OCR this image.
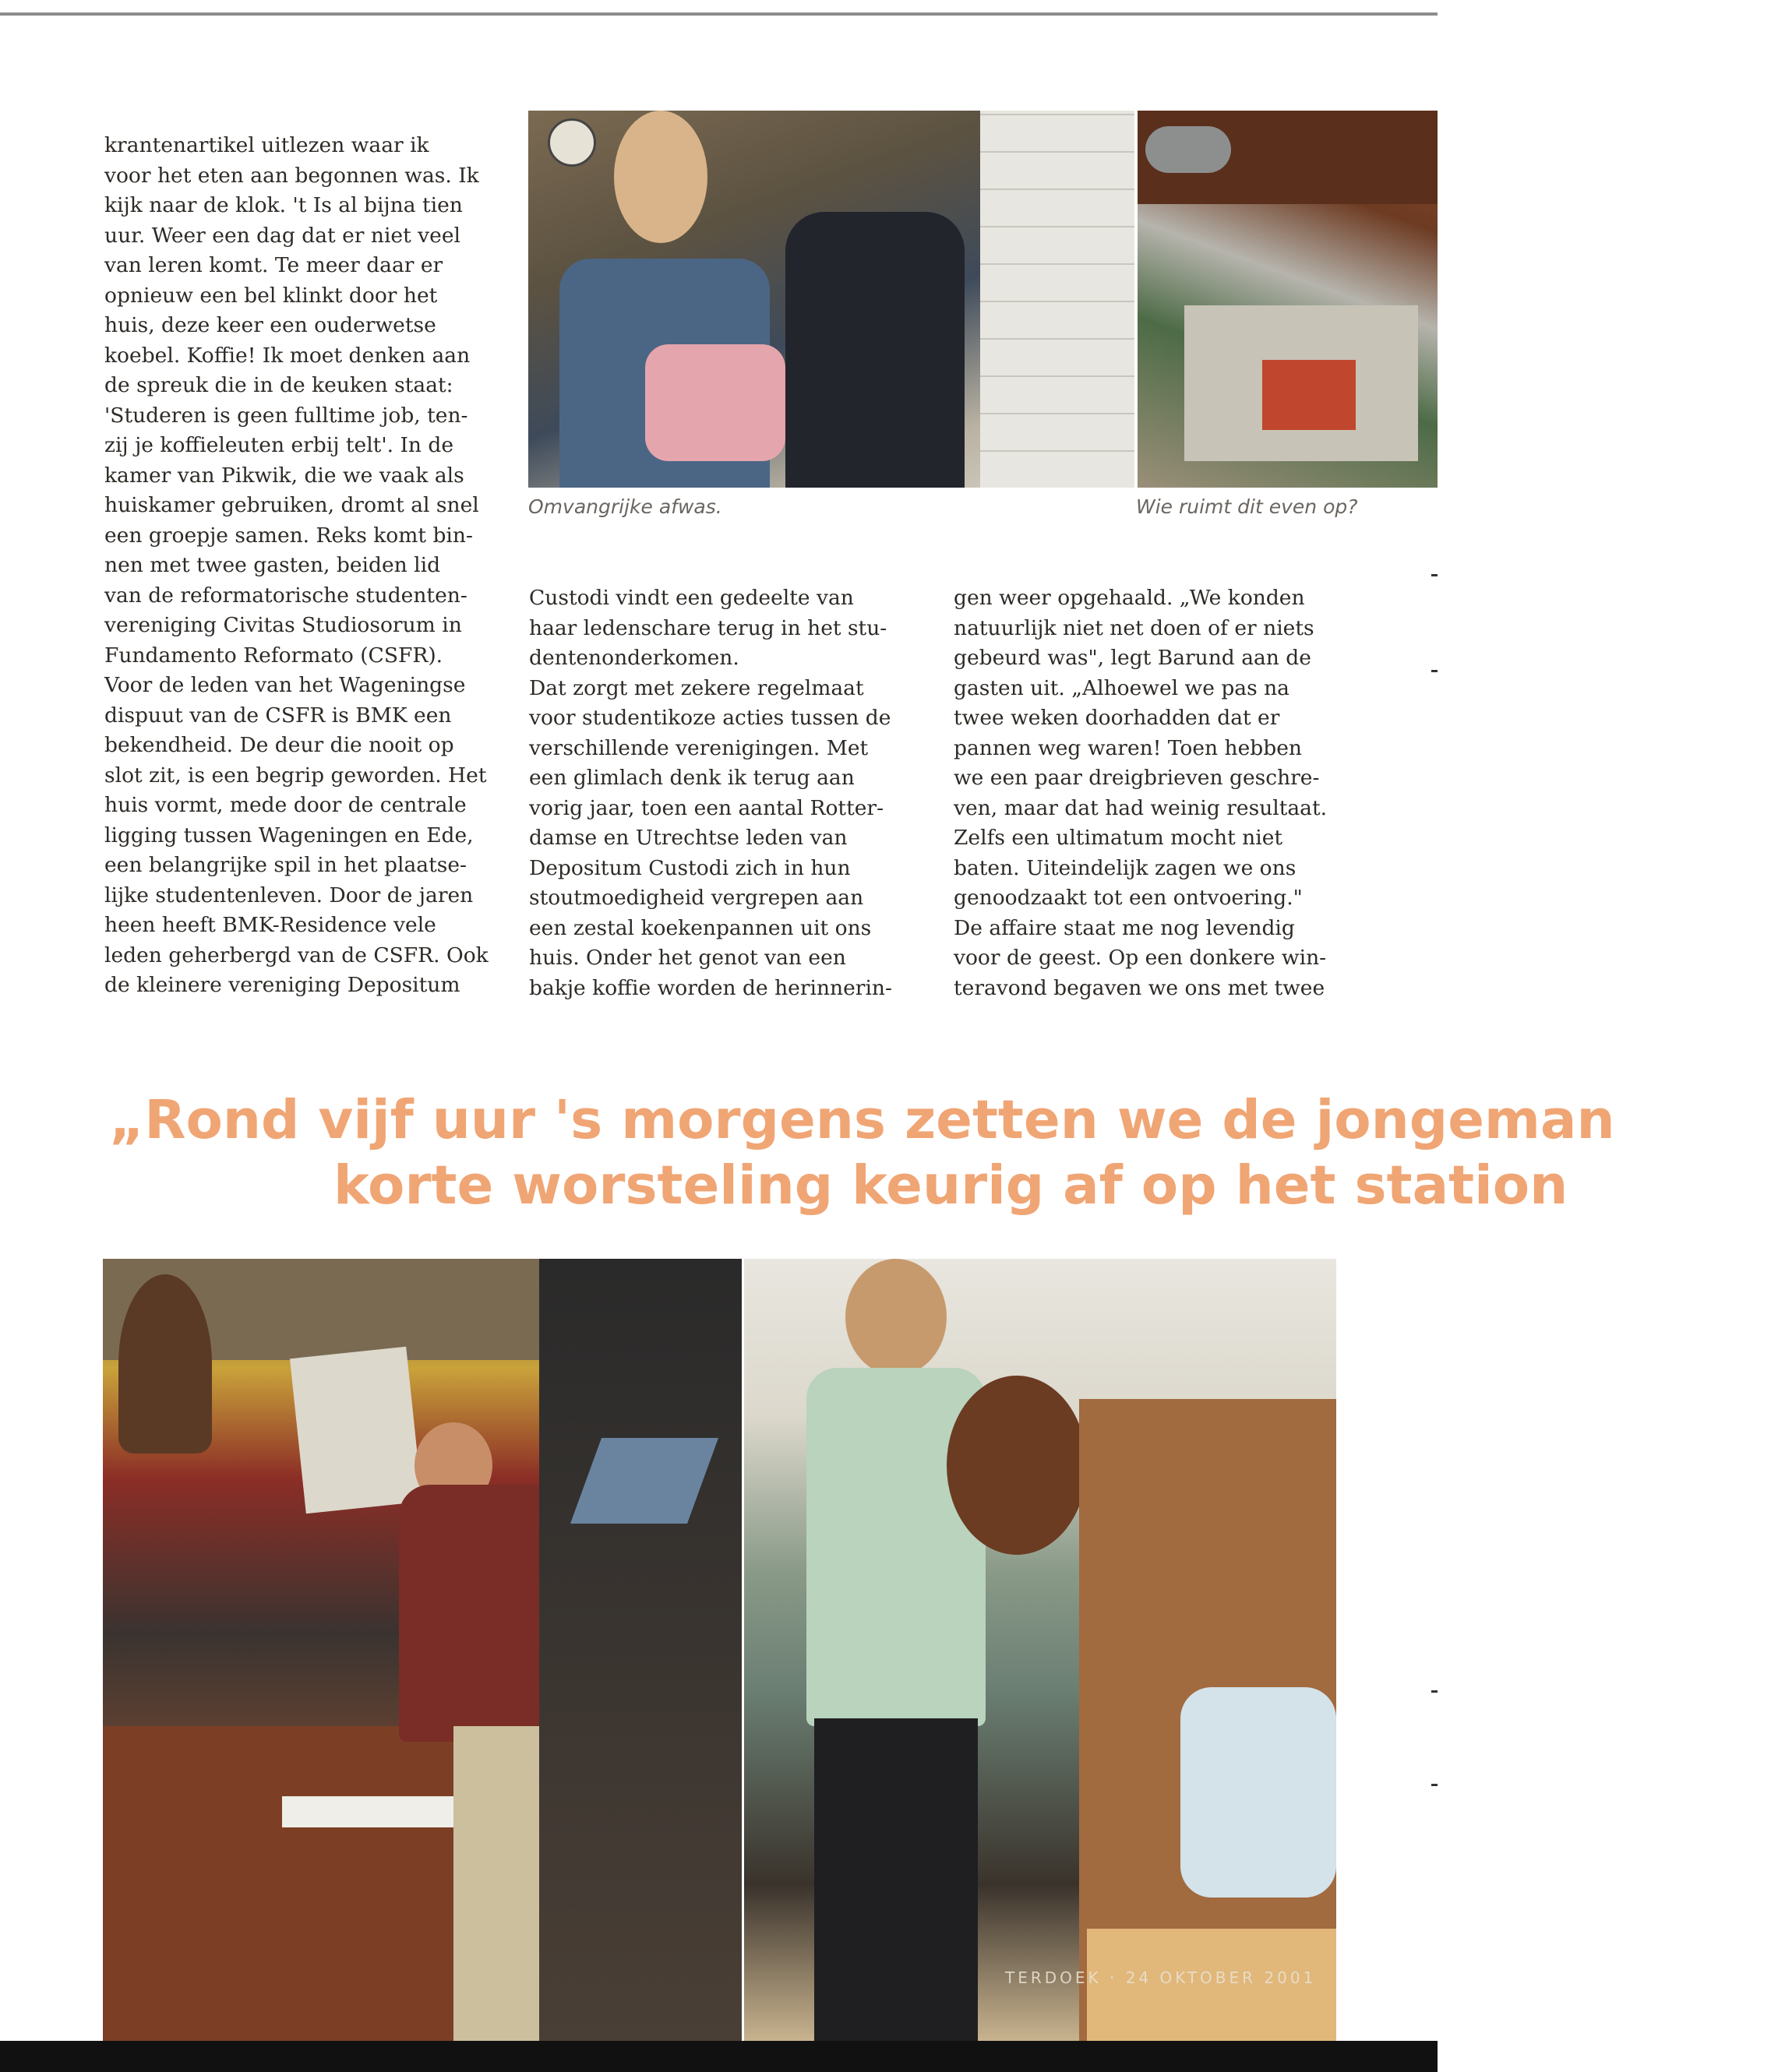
krantenartikel uitlezen waar ik
voor het eten aan begonnen was. Ik
kijk naar de klok. 't Is al bijna tien
uur. Weer een dag dat er niet veel
van leren komt. Te meer daar er
opnieuw een bel klinkt door het
huis, deze keer een ouderwetse
koebel. Koffie! Ik moet denken aan
de spreuk die in de keuken staat:
'Studeren is geen fulltime job, ten-
zij je koffieleuten erbij telt'. In de
kamer van Pikwik, die we vaak als
huiskamer gebruiken, dromt al snel
een groepje samen. Reks komt bin-
nen met twee gasten, beiden lid
van de reformatorische studenten-
vereniging Civitas Studiosorum in
Fundamento Reformato (CSFR).
Voor de leden van het Wageningse
dispuut van de CSFR is BMK een
bekendheid. De deur die nooit op
slot zit, is een begrip geworden. Het
huis vormt, mede door de centrale
ligging tussen Wageningen en Ede,
een belangrijke spil in het plaatse-
lijke studentenleven. Door de jaren
heen heeft BMK-Residence vele
leden geherbergd van de CSFR. Ook
de kleinere vereniging Depositum
Omvangrijke afwas.	Wie ruimt dit even op?
Custodi vindt een gedeelte van
haar ledenschare terug in het stu-
dentenonderkomen.
Dat zorgt met zekere regelmaat
voor studentikoze acties tussen de
verschillende verenigingen. Met
een glimlach denk ik terug aan
vorig jaar, toen een aantal Rotter-
damse en Utrechtse leden van
Depositum Custodi zich in hun
stoutmoedigheid vergrepen aan
een zestal koekenpannen uit ons
huis. Onder het genot van een
bakje koffie worden de herinnerin-
gen weer opgehaald. „We konden
natuurlijk niet net doen of er niets
gebeurd was", legt Barund aan de
gasten uit. „Alhoewel we pas na
twee weken doorhadden dat er
pannen weg waren! Toen hebben
we een paar dreigbrieven geschre-
ven, maar dat had weinig resultaat.
Zelfs een ultimatum mocht niet
baten. Uiteindelijk zagen we ons
genoodzaakt tot een ontvoering."
De affaire staat me nog levendig
voor de geest. Op een donkere win-
teravond begaven we ons met twee
„Rond vijf uur 's morgens zetten we de jongeman
korte worsteling keurig af op het station
TERDOEK · 24 OKTOBER 2001
